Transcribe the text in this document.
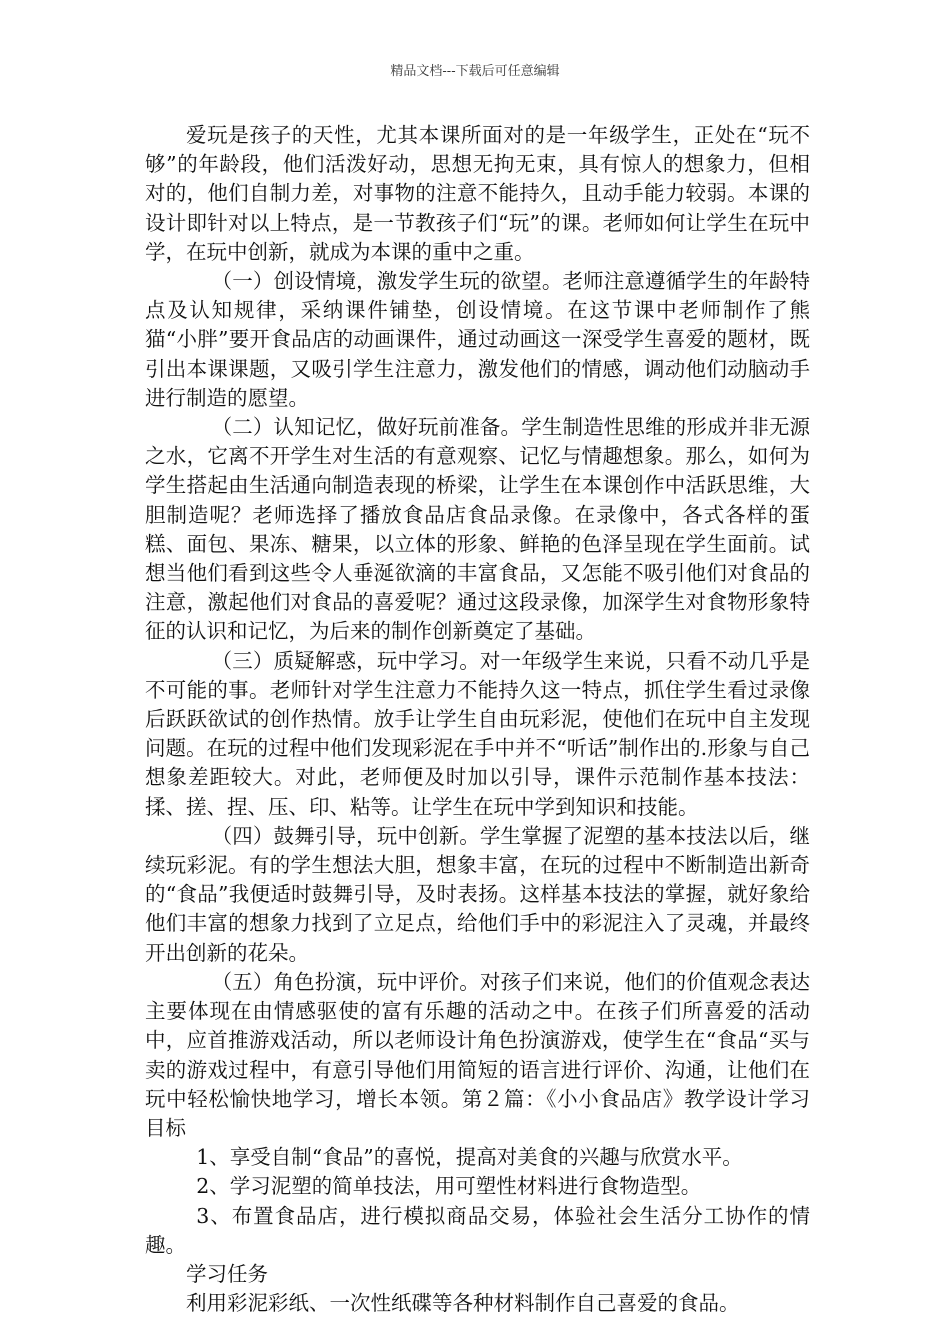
精品文档---下载后可任意编辑

爱玩是孩子的天性，尤其本课所面对的是一年级学生，正处在“玩不够”的年龄段，他们活泼好动，思想无拘无束，具有惊人的想象力，但相对的，他们自制力差，对事物的注意不能持久，且动手能力较弱。本课的设计即针对以上特点，是一节教孩子们“玩”的课。老师如何让学生在玩中学，在玩中创新，就成为本课的重中之重。

（一）创设情境，激发学生玩的欲望。老师注意遵循学生的年龄特点及认知规律，采纳课件铺垫，创设情境。在这节课中老师制作了熊猫“小胖”要开食品店的动画课件，通过动画这一深受学生喜爱的题材，既引出本课课题，又吸引学生注意力，激发他们的情感，调动他们动脑动手进行制造的愿望。

（二）认知记忆，做好玩前准备。学生制造性思维的形成并非无源之水，它离不开学生对生活的有意观察、记忆与情趣想象。那么，如何为学生搭起由生活通向制造表现的桥梁，让学生在本课创作中活跃思维，大胆制造呢？老师选择了播放食品店食品录像。在录像中，各式各样的蛋糕、面包、果冻、糖果，以立体的形象、鲜艳的色泽呈现在学生面前。试想当他们看到这些令人垂涎欲滴的丰富食品，又怎能不吸引他们对食品的注意，激起他们对食品的喜爱呢？通过这段录像，加深学生对食物形象特征的认识和记忆，为后来的制作创新奠定了基础。

（三）质疑解惑，玩中学习。对一年级学生来说，只看不动几乎是不可能的事。老师针对学生注意力不能持久这一特点，抓住学生看过录像后跃跃欲试的创作热情。放手让学生自由玩彩泥，使他们在玩中自主发现问题。在玩的过程中他们发现彩泥在手中并不“听话”制作出的.形象与自己想象差距较大。对此，老师便及时加以引导，课件示范制作基本技法：揉、搓、捏、压、印、粘等。让学生在玩中学到知识和技能。

（四）鼓舞引导，玩中创新。学生掌握了泥塑的基本技法以后，继续玩彩泥。有的学生想法大胆，想象丰富，在玩的过程中不断制造出新奇的“食品”我便适时鼓舞引导，及时表扬。这样基本技法的掌握，就好象给他们丰富的想象力找到了立足点，给他们手中的彩泥注入了灵魂，并最终开出创新的花朵。

（五）角色扮演，玩中评价。对孩子们来说，他们的价值观念表达主要体现在由情感驱使的富有乐趣的活动之中。在孩子们所喜爱的活动中，应首推游戏活动，所以老师设计角色扮演游戏，使学生在“食品“买与卖的游戏过程中，有意引导他们用简短的语言进行评价、沟通，让他们在玩中轻松愉快地学习，增长本领。第２篇：《小小食品店》教学设计学习目标

1、享受自制“食品”的喜悦，提高对美食的兴趣与欣赏水平。

2、学习泥塑的简单技法，用可塑性材料进行食物造型。

3、布置食品店，进行模拟商品交易，体验社会生活分工协作的情趣。

学习任务

利用彩泥彩纸、一次性纸碟等各种材料制作自己喜爱的食品。
